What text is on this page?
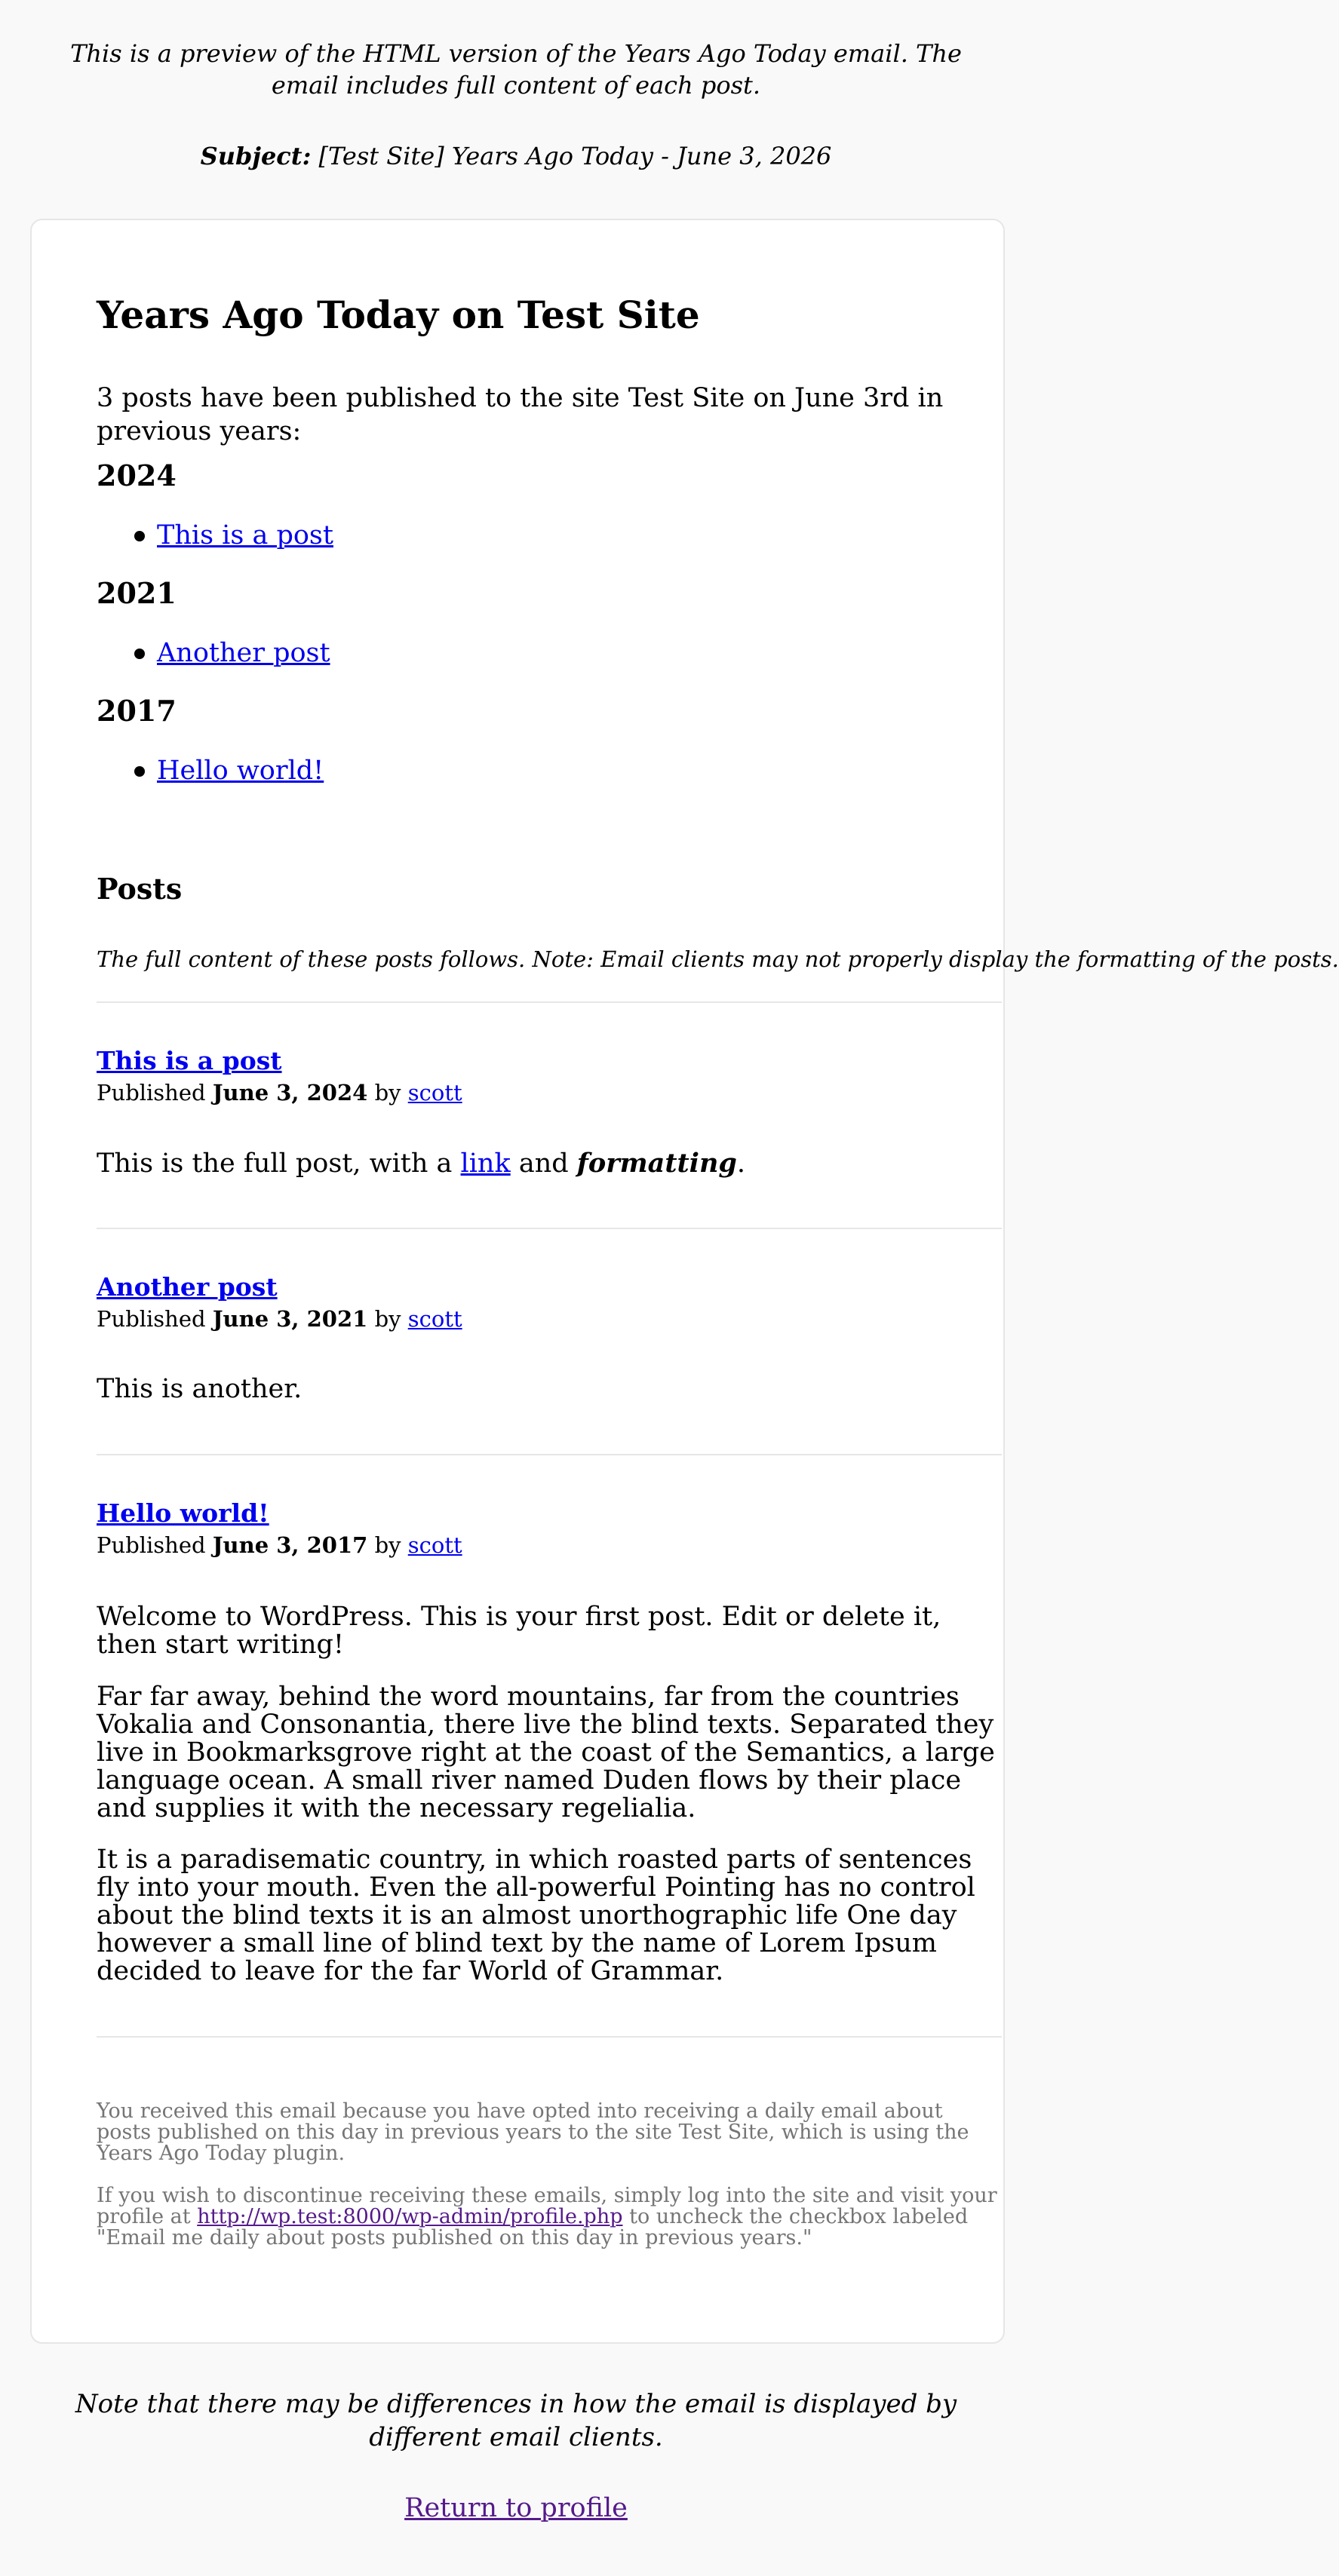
This is a preview of the HTML version of the Years Ago Today email. The email includes full content of each post.
Subject: [Test Site] Years Ago Today - June 3, 2026
Years Ago Today on Test Site

3 posts have been published to the site Test Site on June 3rd in previous years:

2024
This is a post
2021
Another post
2017
Hello world!
Posts

The full content of these posts follows. Note: Email clients may not properly display the formatting of the posts.

This is a post

Published June 3, 2024 by scott

This is the full post, with a link and formatting.

Another post

Published June 3, 2021 by scott

This is another.

Hello world!

Published June 3, 2017 by scott

Welcome to WordPress. This is your first post. Edit or delete it, then start writing!

Far far away, behind the word mountains, far from the countries Vokalia and Consonantia, there live the blind texts. Separated they live in Bookmarksgrove right at the coast of the Semantics, a large language ocean. A small river named Duden flows by their place and supplies it with the necessary regelialia.

It is a paradisematic country, in which roasted parts of sentences fly into your mouth. Even the all-powerful Pointing has no control about the blind texts it is an almost unorthographic life One day however a small line of blind text by the name of Lorem Ipsum decided to leave for the far World of Grammar.

You received this email because you have opted into receiving a daily email about posts published on this day in previous years to the site Test Site, which is using the Years Ago Today plugin.

If you wish to discontinue receiving these emails, simply log into the site and visit your profile at http://wp.test:8000/wp-admin/profile.php to uncheck the checkbox labeled "Email me daily about posts published on this day in previous years."

Note that there may be differences in how the email is displayed by different email clients.
Return to profile
